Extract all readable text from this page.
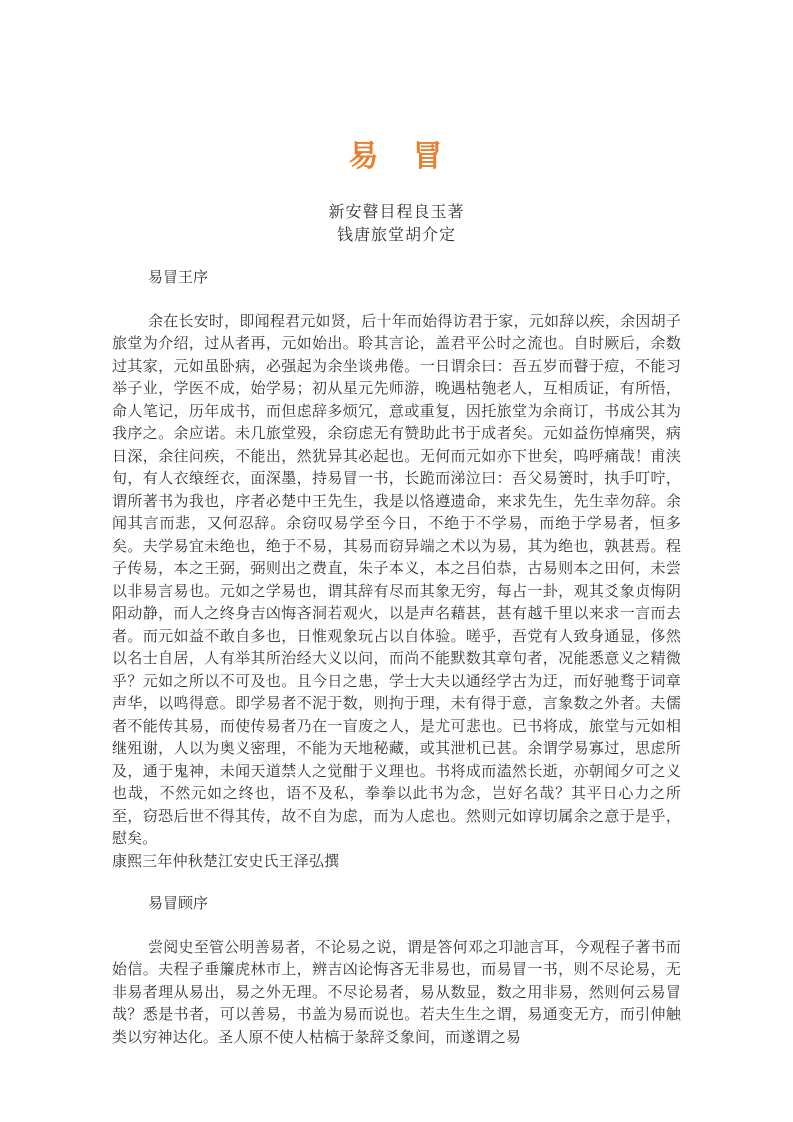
易　冒
新安瞽目程良玉著
钱唐旅堂胡介定
易冒王序

余在长安时，即闻程君元如贤，后十年而始得访君于家，元如辞以疾，余因胡子旅堂为介绍，过从者再，元如始出。聆其言论，盖君平公时之流也。自时厥后，余数过其家，元如虽卧病，必强起为余坐谈弗倦。一日谓余曰：吾五岁而瞽于痘，不能习举子业，学医不成，始学易；初从星元先师游，晚遇枯匏老人，互相质证，有所悟，命人笔记，历年成书，而但虑辞多烦冗，意或重复，因托旅堂为余商订，书成公其为我序之。余应诺。未几旅堂殁，余窃虑无有赞助此书于成者矣。元如益伤悼痛哭，病日深，余往问疾，不能出，然犹异其必起也。无何而元如亦下世矣，呜呼痛哉！甫浃旬，有人衣缞绖衣，面深墨，持易冒一书，长跪而涕泣曰：吾父易箦时，执手叮咛，谓所著书为我也，序者必楚中王先生，我是以恪遵遗命，来求先生，先生幸勿辞。余闻其言而悲，又何忍辞。余窃叹易学至今日，不绝于不学易，而绝于学易者，恒多矣。夫学易宜未绝也，绝于不易，其易而窃异端之术以为易，其为绝也，孰甚焉。程子传易，本之王弼，弼则出之费直，朱子本义，本之吕伯恭，古易则本之田何，未尝以非易言易也。元如之学易也，谓其辞有尽而其象无穷，每占一卦，观其爻象贞悔阴阳动静，而人之终身吉凶悔吝洞若观火，以是声名藉甚，甚有越千里以来求一言而去者。而元如益不敢自多也，日惟观象玩占以自体验。嗟乎，吾党有人致身通显，侈然以名士自居，人有举其所治经大义以问，而尚不能默数其章句者，况能悉意义之精微乎？元如之所以不可及也。且今日之患，学士大夫以通经学古为迂，而好驰骛于词章声华，以鸣得意。即学易者不泥于数，则拘于理，未有得于意，言象数之外者。夫儒者不能传其易，而使传易者乃在一盲废之人，是尤可悲也。已书将成，旅堂与元如相继殂谢，人以为奥义密理，不能为天地秘藏，或其泄机已甚。余谓学易寡过，思虑所及，通于鬼神，未闻天道禁人之觉酣于义理也。书将成而溘然长逝，亦朝闻夕可之义也哉，不然元如之终也，语不及私，拳拳以此书为念，岂好名哉？其平日心力之所至，窃恐后世不得其传，故不自为虑，而为人虑也。然则元如谆切属余之意于是乎，慰矣。

康熙三年仲秋楚江安史氏王泽弘撰

易冒顾序

尝阅史至管公明善易者，不论易之说，谓是答何邓之卭訑言耳，今观程子著书而始信。夫程子垂簾虎林市上，辨吉凶论悔吝无非易也，而易冒一书，则不尽论易，无非易者理从易出，易之外无理。不尽论易者，易从数显，数之用非易，然则何云易冒哉？悉是书者，可以善易，书盖为易而说也。若夫生生之谓，易通变无方，而引伸触类以穷神达化。圣人原不使人枯槁于彖辞爻象间，而遂谓之易
